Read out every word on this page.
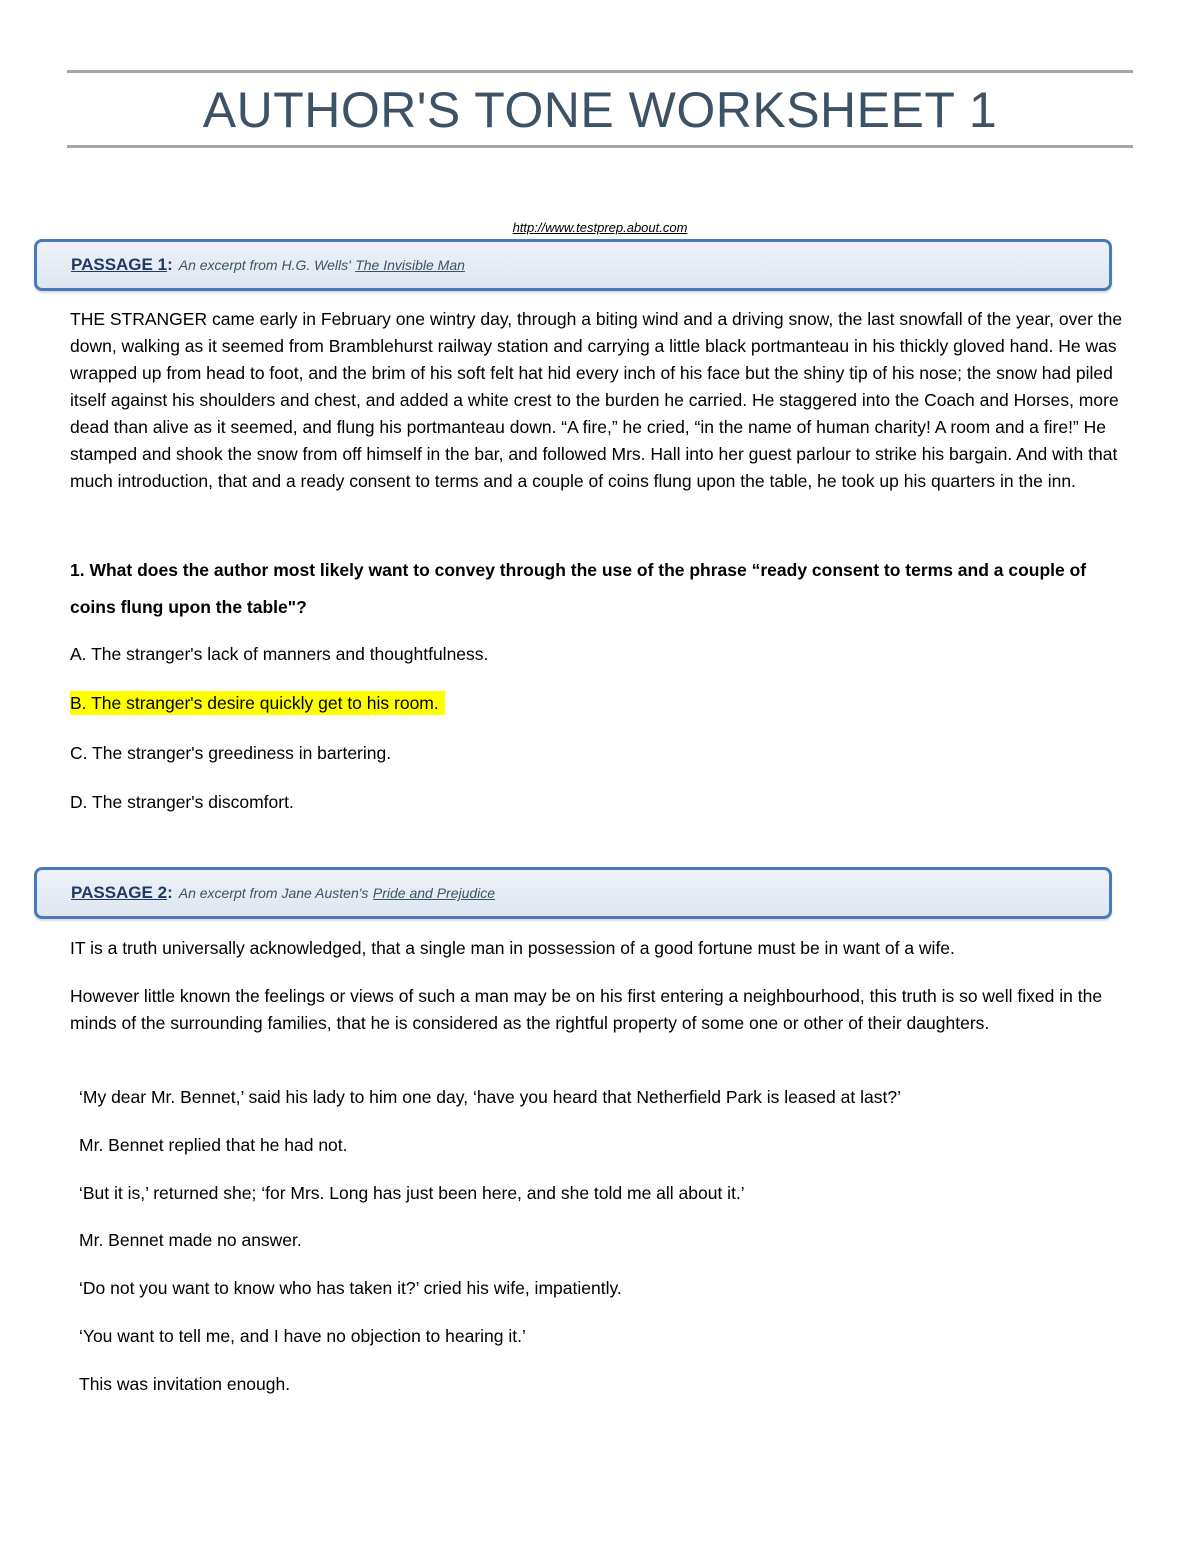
AUTHOR'S TONE WORKSHEET 1
http://www.testprep.about.com
PASSAGE 1 : An excerpt from H.G. Wells'
The Invisible Man
THE STRANGER came early in February one wintry day, through a biting wind and a driving snow, the last snowfall of the year, over the down, walking as it seemed from Bramblehurst railway station and carrying a little black portmanteau in his thickly gloved hand. He was wrapped up from head to foot, and the brim of his soft felt hat hid every inch of his face but the shiny tip of his nose; the snow had piled itself against his shoulders and chest, and added a white crest to the burden he carried. He staggered into the Coach and Horses, more dead than alive as it seemed, and flung his portmanteau down. “A fire,” he cried, “in the name of human charity! A room and a fire!” He stamped and shook the snow from off himself in the bar, and followed Mrs. Hall into her guest parlour to strike his bargain. And with that much introduction, that and a ready consent to terms and a couple of coins flung upon the table, he took up his quarters in the inn.
1. What does the author most likely want to convey through the use of the phrase “ready consent to terms and a couple of coins flung upon the table"?
A. The stranger's lack of manners and thoughtfulness.
B. The stranger's desire quickly get to his room.
C. The stranger's greediness in bartering.
D. The stranger's discomfort.
PASSAGE 2 : An excerpt from Jane Austen's
Pride and Prejudice
IT is a truth universally acknowledged, that a single man in possession of a good fortune must be in want of a wife.
However little known the feelings or views of such a man may be on his first entering a neighbourhood, this truth is so well fixed in the minds of the surrounding families, that he is considered as the rightful property of some one or other of their daughters.
‘My dear Mr. Bennet,’ said his lady to him one day, ‘have you heard that Netherfield Park is leased at last?’
Mr. Bennet replied that he had not.
‘But it is,’ returned she; ‘for Mrs. Long has just been here, and she told me all about it.’
Mr. Bennet made no answer.
‘Do not you want to know who has taken it?’ cried his wife, impatiently.
‘You want to tell me, and I have no objection to hearing it.’
This was invitation enough.
